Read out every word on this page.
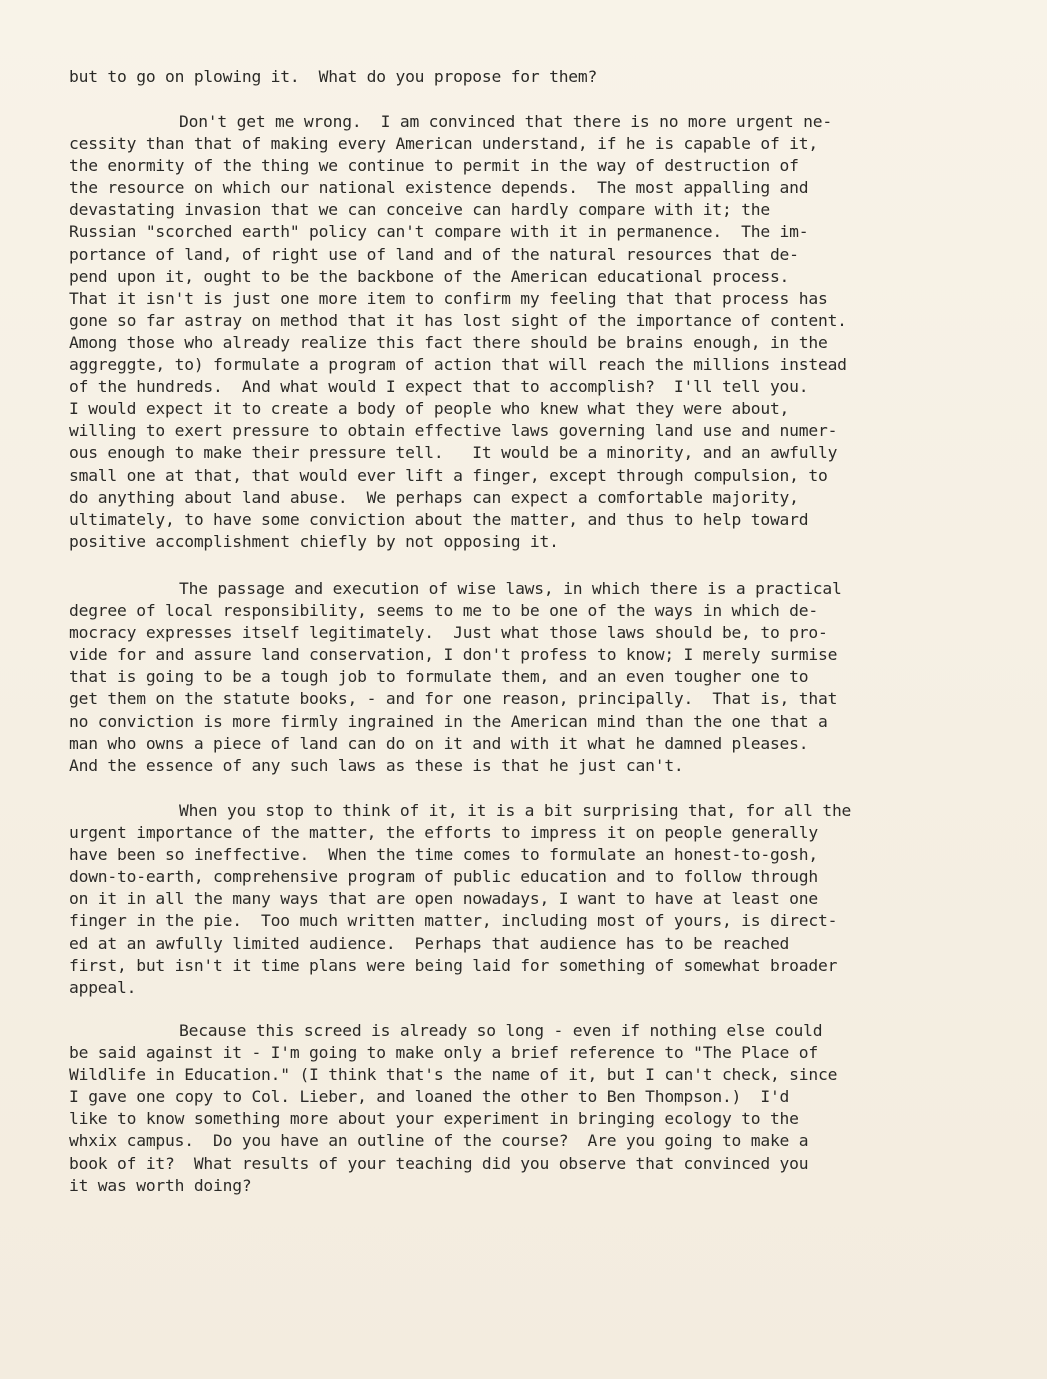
but to go on plowing it.  What do you propose for them?
Don't get me wrong.  I am convinced that there is no more urgent ne-
cessity than that of making every American understand, if he is capable of it,
the enormity of the thing we continue to permit in the way of destruction of
the resource on which our national existence depends.  The most appalling and
devastating invasion that we can conceive can hardly compare with it; the
Russian "scorched earth" policy can't compare with it in permanence.  The im-
portance of land, of right use of land and of the natural resources that de-
pend upon it, ought to be the backbone of the American educational process.
That it isn't is just one more item to confirm my feeling that that process has
gone so far astray on method that it has lost sight of the importance of content.
Among those who already realize this fact there should be brains enough, in the
aggreggte, to) formulate a program of action that will reach the millions instead
of the hundreds.  And what would I expect that to accomplish?  I'll tell you.
I would expect it to create a body of people who knew what they were about,
willing to exert pressure to obtain effective laws governing land use and numer-
ous enough to make their pressure tell.   It would be a minority, and an awfully
small one at that, that would ever lift a finger, except through compulsion, to
do anything about land abuse.  We perhaps can expect a comfortable majority,
ultimately, to have some conviction about the matter, and thus to help toward
positive accomplishment chiefly by not opposing it.
The passage and execution of wise laws, in which there is a practical
degree of local responsibility, seems to me to be one of the ways in which de-
mocracy expresses itself legitimately.  Just what those laws should be, to pro-
vide for and assure land conservation, I don't profess to know; I merely surmise
that is going to be a tough job to formulate them, and an even tougher one to
get them on the statute books, - and for one reason, principally.  That is, that
no conviction is more firmly ingrained in the American mind than the one that a
man who owns a piece of land can do on it and with it what he damned pleases.
And the essence of any such laws as these is that he just can't.
When you stop to think of it, it is a bit surprising that, for all the
urgent importance of the matter, the efforts to impress it on people generally
have been so ineffective.  When the time comes to formulate an honest-to-gosh,
down-to-earth, comprehensive program of public education and to follow through
on it in all the many ways that are open nowadays, I want to have at least one
finger in the pie.  Too much written matter, including most of yours, is direct-
ed at an awfully limited audience.  Perhaps that audience has to be reached
first, but isn't it time plans were being laid for something of somewhat broader
appeal.
Because this screed is already so long - even if nothing else could
be said against it - I'm going to make only a brief reference to "The Place of
Wildlife in Education." (I think that's the name of it, but I can't check, since
I gave one copy to Col. Lieber, and loaned the other to Ben Thompson.)  I'd
like to know something more about your experiment in bringing ecology to the
whxix campus.  Do you have an outline of the course?  Are you going to make a
book of it?  What results of your teaching did you observe that convinced you
it was worth doing?
